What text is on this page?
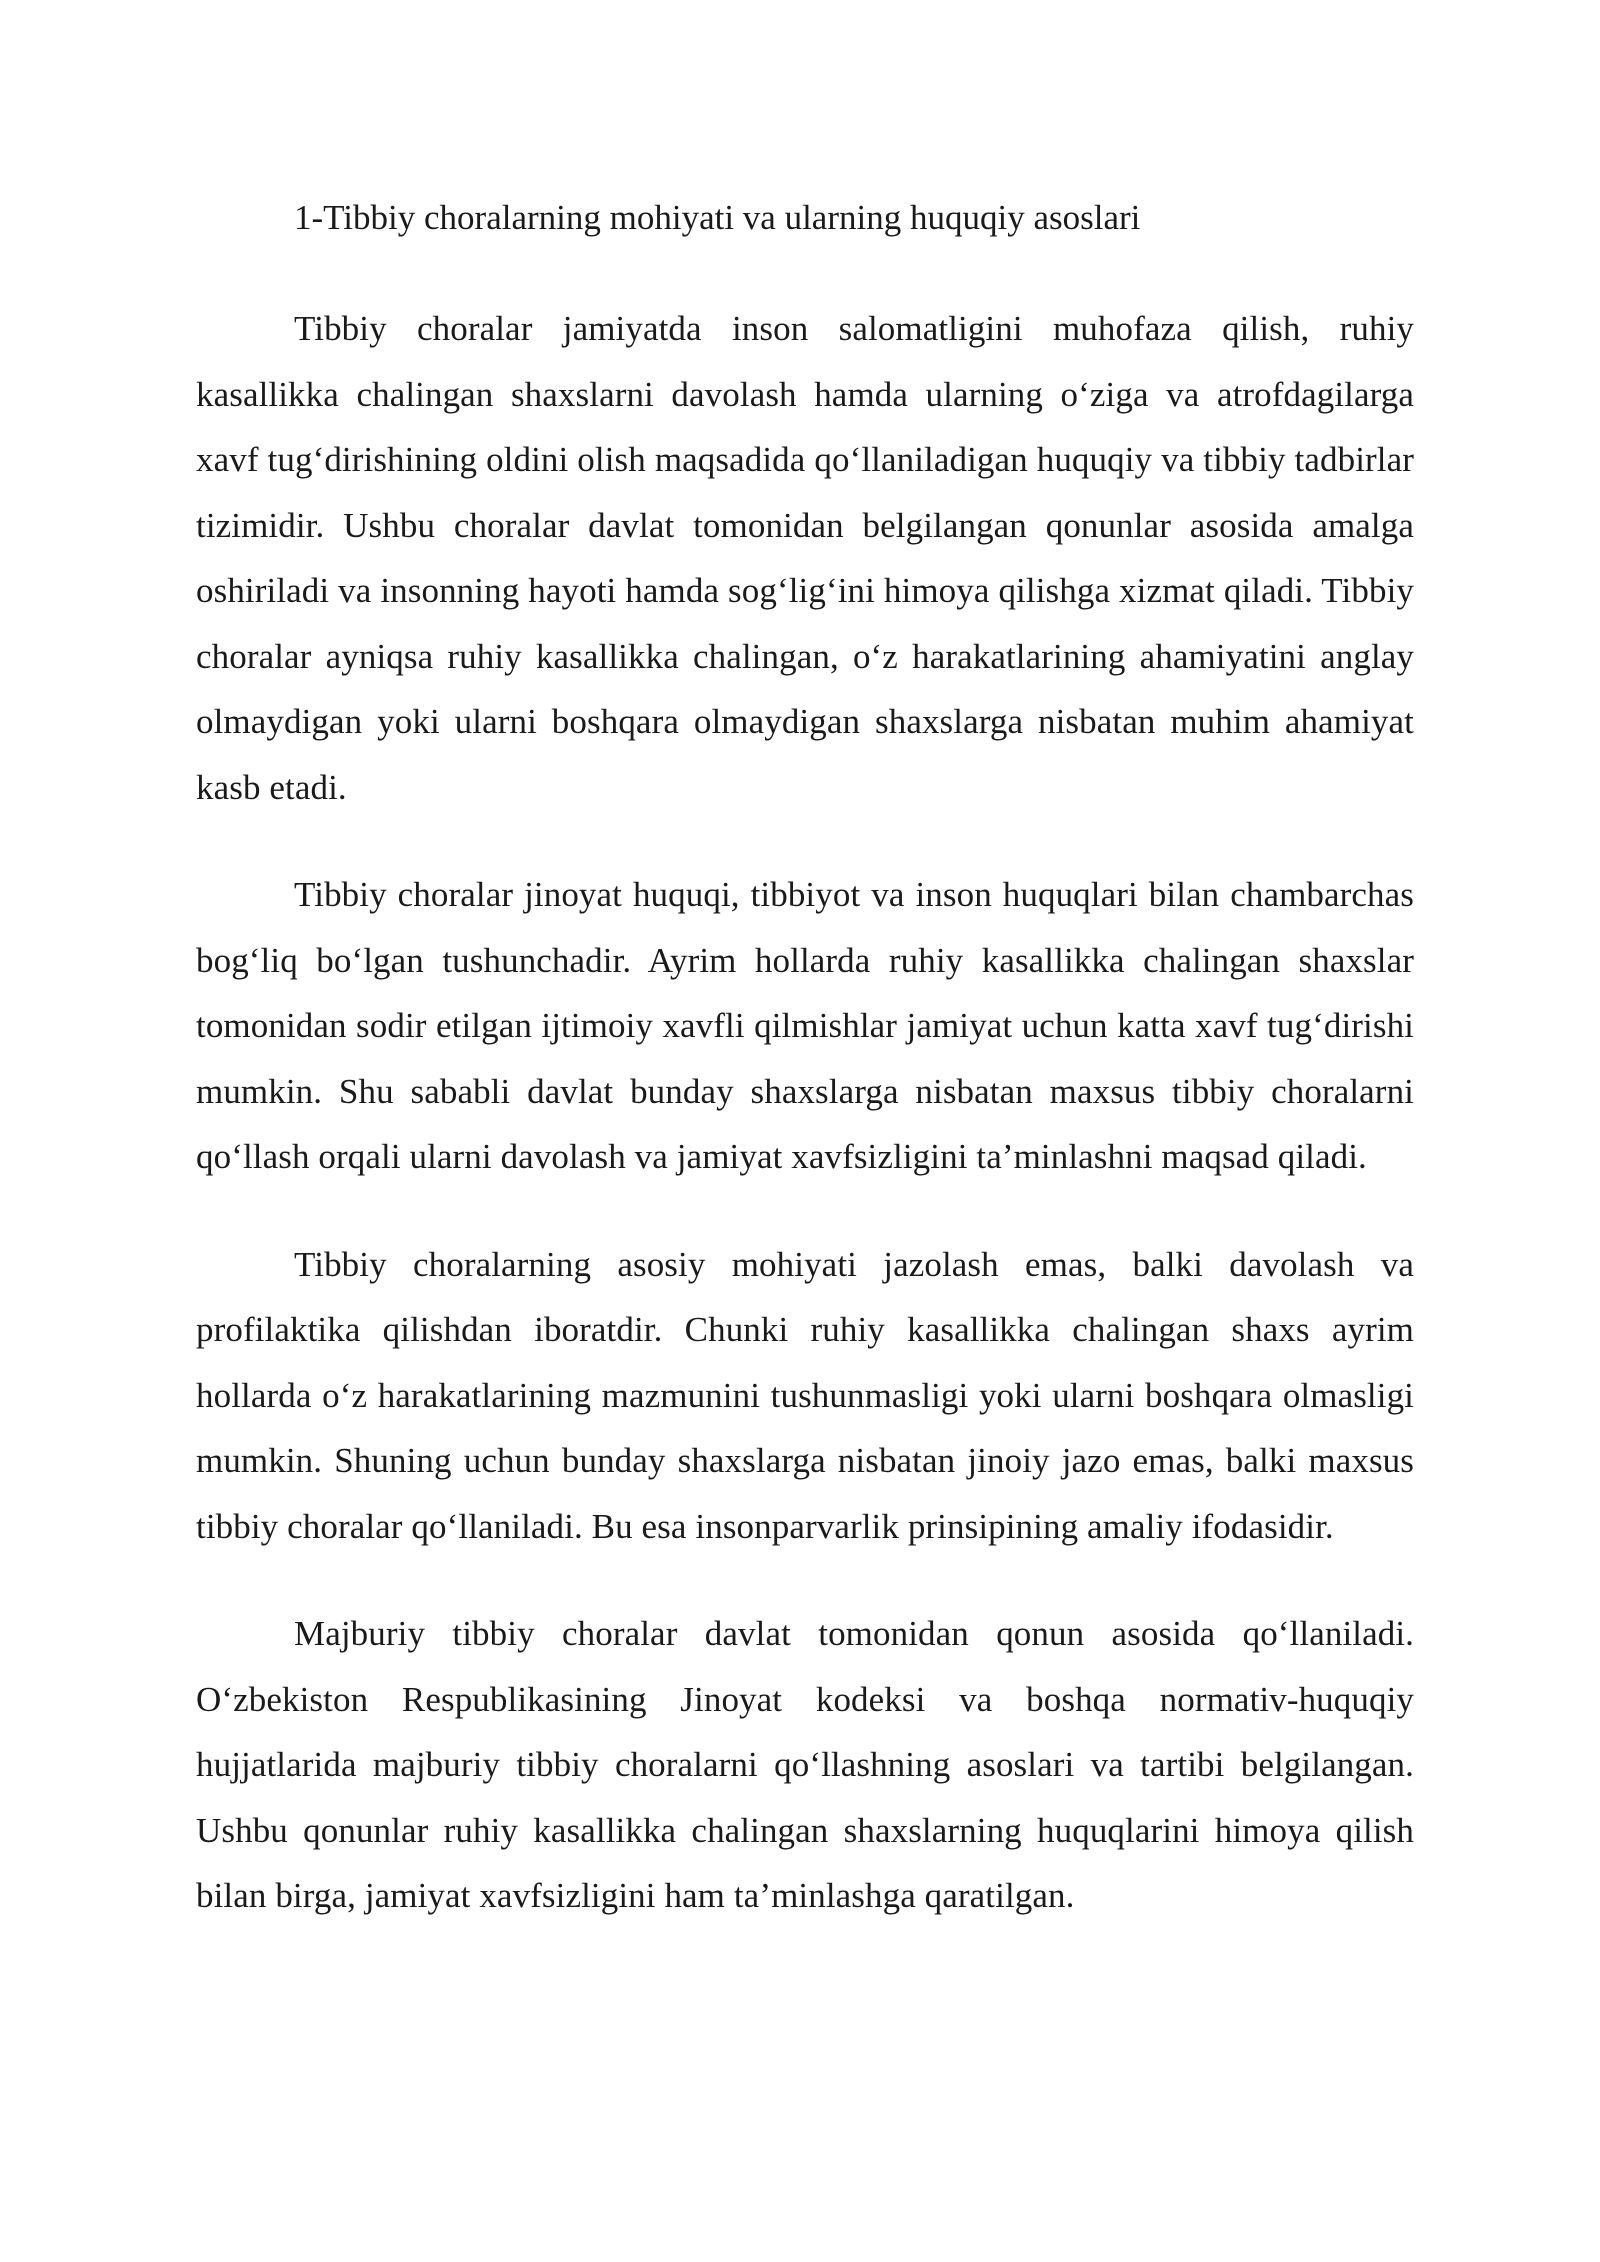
1-Tibbiy choralarning mohiyati va ularning huquqiy asoslari

Tibbiy choralar jamiyatda inson salomatligini muhofaza qilish, ruhiy kasallikka chalingan shaxslarni davolash hamda ularning o‘ziga va atrofdagilarga xavf tug‘dirishining oldini olish maqsadida qo‘llaniladigan huquqiy va tibbiy tadbirlar tizimidir. Ushbu choralar davlat tomonidan belgilangan qonunlar asosida amalga oshiriladi va insonning hayoti hamda sog‘lig‘ini himoya qilishga xizmat qiladi. Tibbiy choralar ayniqsa ruhiy kasallikka chalingan, o‘z harakatlarining ahamiyatini anglay olmaydigan yoki ularni boshqara olmaydigan shaxslarga nisbatan muhim ahamiyat kasb etadi.

Tibbiy choralar jinoyat huquqi, tibbiyot va inson huquqlari bilan chambarchas bog‘liq bo‘lgan tushunchadir. Ayrim hollarda ruhiy kasallikka chalingan shaxslar tomonidan sodir etilgan ijtimoiy xavfli qilmishlar jamiyat uchun katta xavf tug‘dirishi mumkin. Shu sababli davlat bunday shaxslarga nisbatan maxsus tibbiy choralarni qo‘llash orqali ularni davolash va jamiyat xavfsizligini ta’minlashni maqsad qiladi.

Tibbiy choralarning asosiy mohiyati jazolash emas, balki davolash va profilaktika qilishdan iboratdir. Chunki ruhiy kasallikka chalingan shaxs ayrim hollarda o‘z harakatlarining mazmunini tushunmasligi yoki ularni boshqara olmasligi mumkin. Shuning uchun bunday shaxslarga nisbatan jinoiy jazo emas, balki maxsus tibbiy choralar qo‘llaniladi. Bu esa insonparvarlik prinsipining amaliy ifodasidir.

Majburiy tibbiy choralar davlat tomonidan qonun asosida qo‘llaniladi. O‘zbekiston Respublikasining Jinoyat kodeksi va boshqa normativ-huquqiy hujjatlarida majburiy tibbiy choralarni qo‘llashning asoslari va tartibi belgilangan. Ushbu qonunlar ruhiy kasallikka chalingan shaxslarning huquqlarini himoya qilish bilan birga, jamiyat xavfsizligini ham ta’minlashga qaratilgan.
